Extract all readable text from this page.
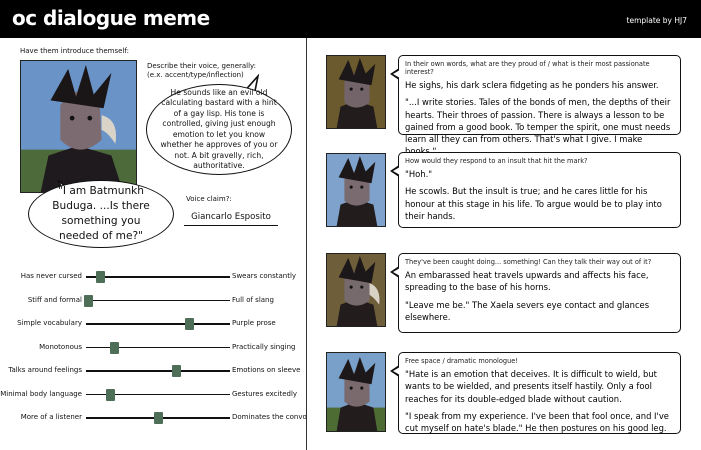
oc dialogue meme	template by HJ7
Have them introduce themself:
Describe their voice, generally:
(e.x. accent/type/inflection)
He sounds like an evil old calculating bastard with a hint of a gay lisp. His tone is controlled, giving just enough emotion to let you know whether he approves of you or not. A bit gravelly, rich, authoritative.
"I am Batmunkh Buduga. ...Is there something you needed of me?"
Voice claim?:
Giancarlo Esposito
Has never cursed	Swears constantly
Stiff and formal	Full of slang
Simple vocabulary	Purple prose
Monotonous	Practically singing
Talks around feelings	Emotions on sleeve
Minimal body language	Gestures excitedly
More of a listener	Dominates the convo
In their own words, what are they proud of / what is their most passionate interest?

He sighs, his dark sclera fidgeting as he ponders his answer.

"...I write stories. Tales of the bonds of men, the depths of their hearts. Their throes of passion. There is always a lesson to be gained from a good book. To temper the spirit, one must needs learn all they can from others. That's what I give. I make

How would they respond to an insult that hit the mark?

"Hoh."

He scowls. But the insult is true; and he cares little for his honour at this stage in his life. To argue would be to play into their hands.

They've been caught doing... something! Can they talk their way out of it?

An embarassed heat travels upwards and affects his face, spreading to the base of his horns.

"Leave me be." The Xaela severs eye contact and glances elsewhere.

Free space / dramatic monologue!

"Hate is an emotion that deceives. It is difficult to wield, but wants to be wielded, and presents itself hastily. Only a fool reaches for its double-edged blade without caution.

"I speak from my experience. I've been that fool once, and I've cut myself on hate's blade." He then postures on his good leg.
